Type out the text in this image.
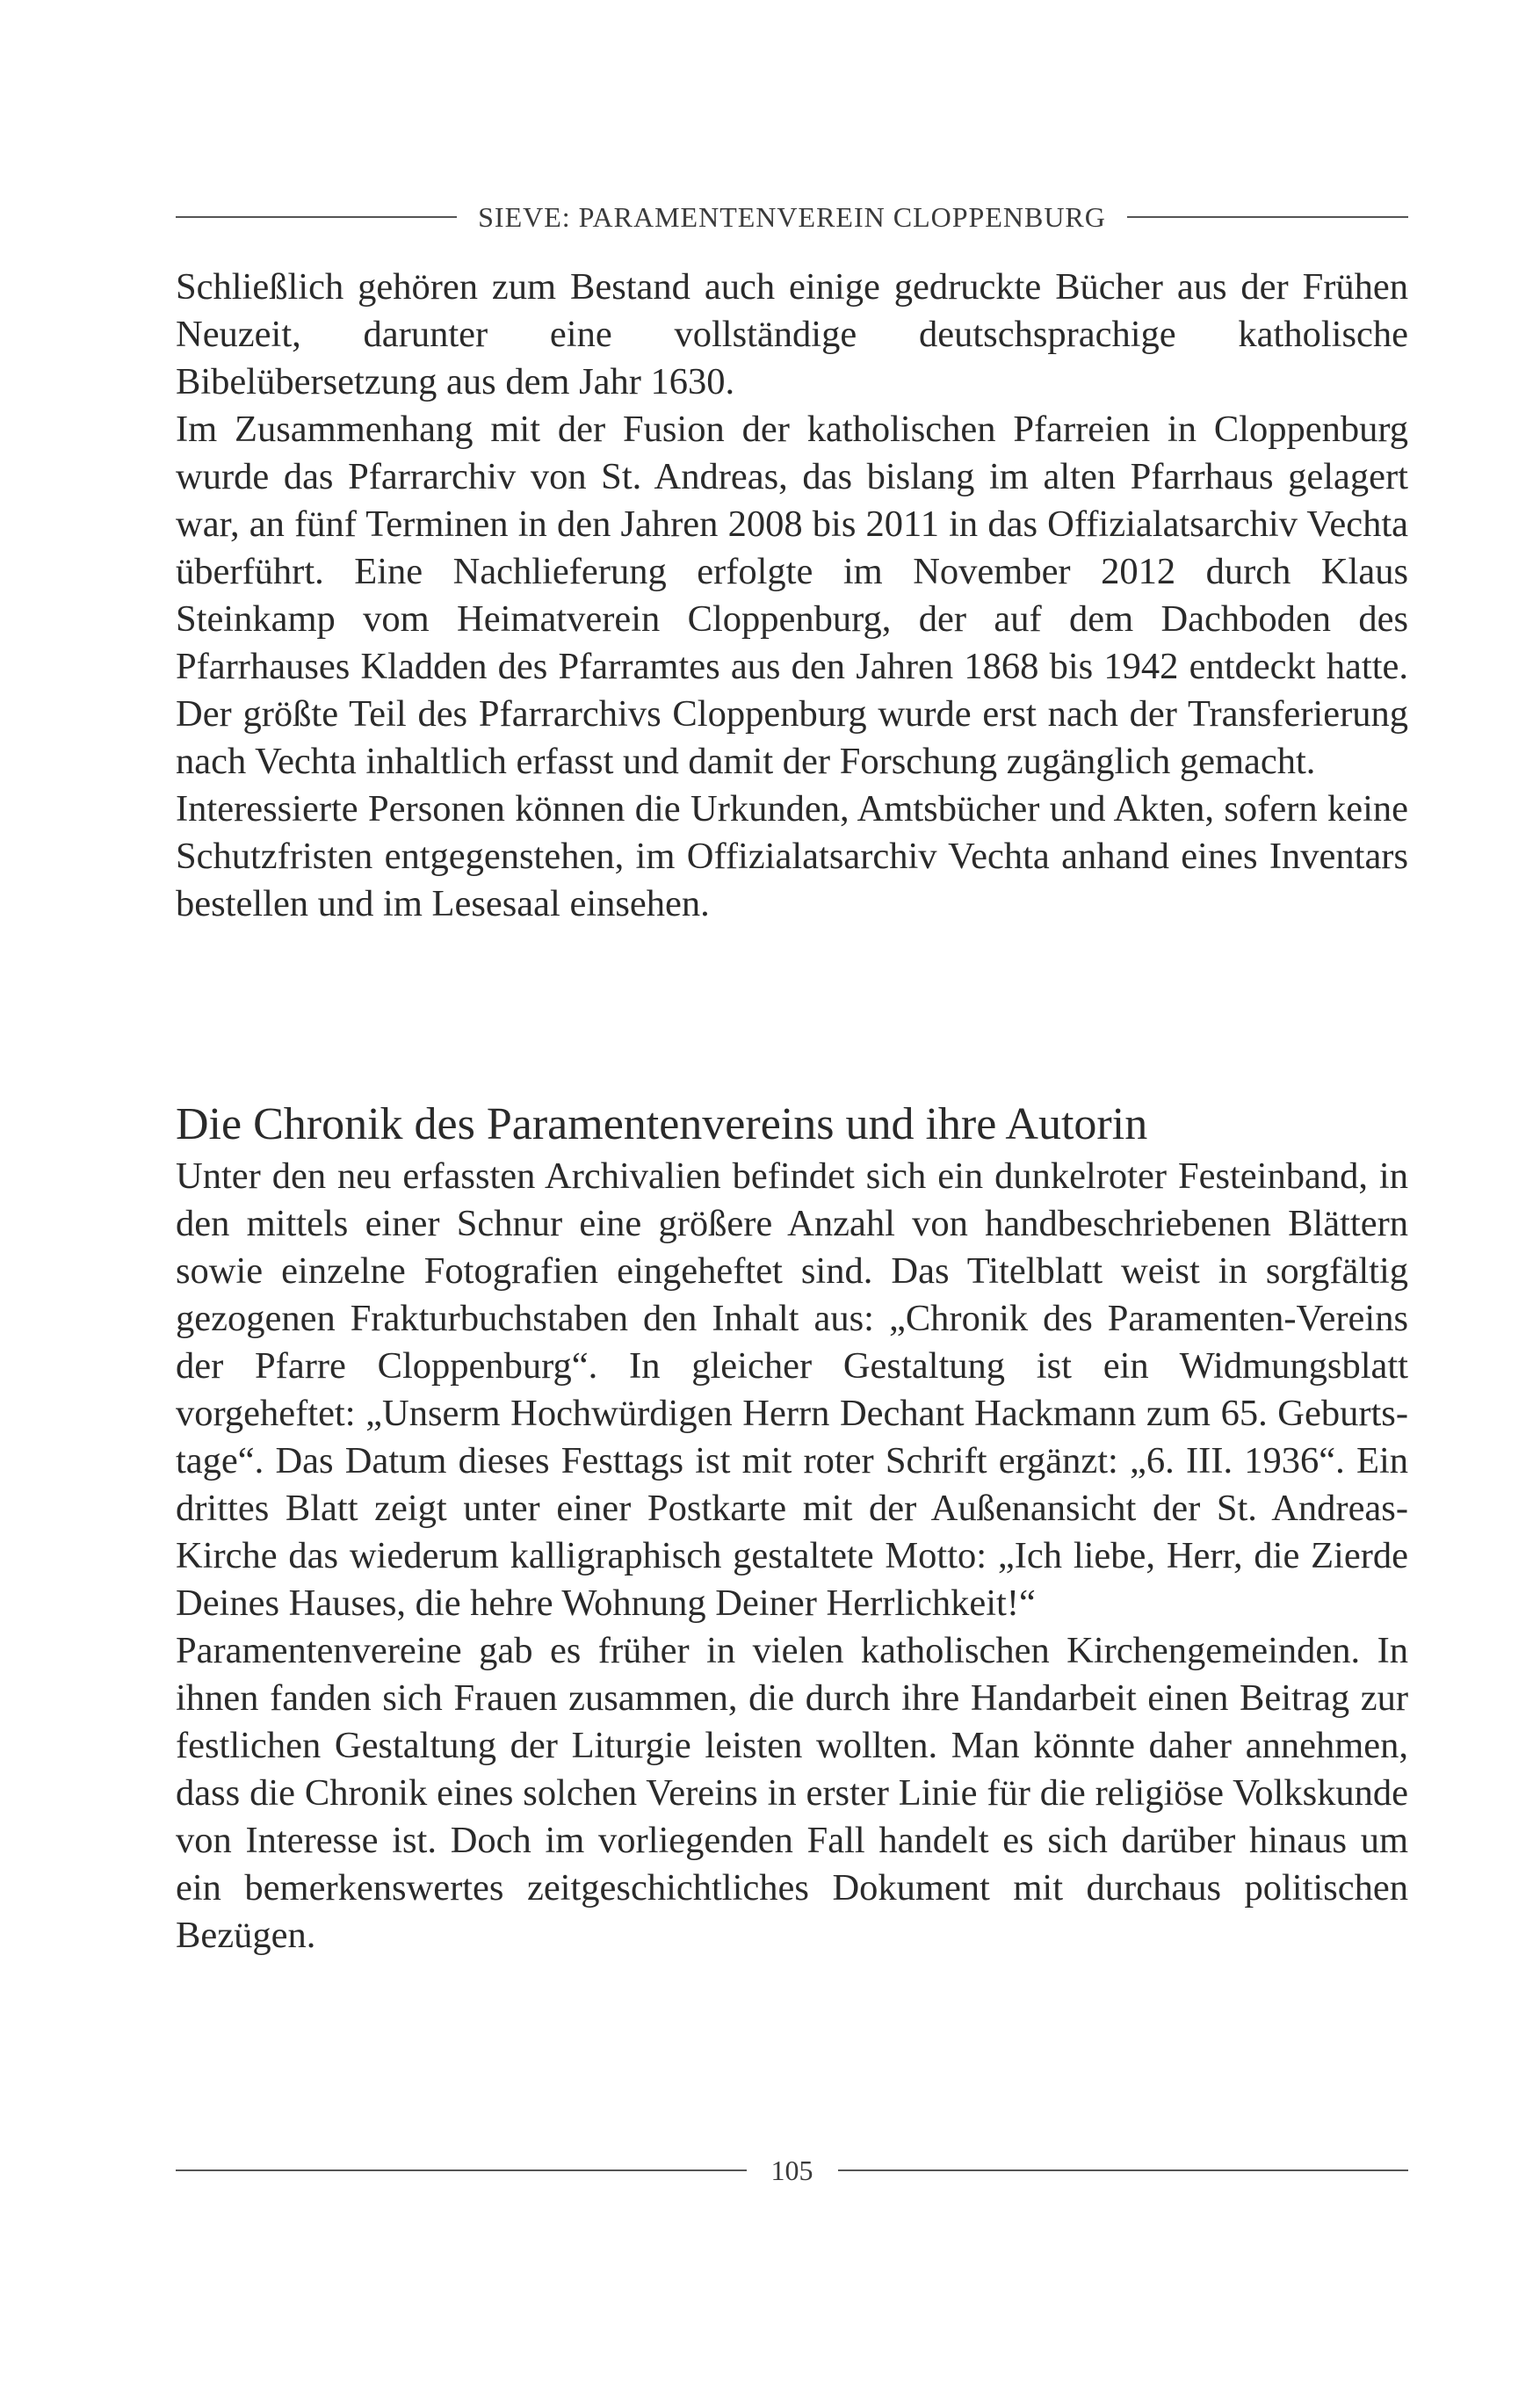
SIEVE: PARAMENTENVEREIN CLOPPENBURG

Schließlich gehören zum Bestand auch einige gedruckte Bücher aus der Frühen Neuzeit, darunter eine vollständige deutschsprachige katholische Bibelübersetzung aus dem Jahr 1630.

Im Zusammenhang mit der Fusion der katholischen Pfarreien in Cloppenburg wurde das Pfarrarchiv von St. Andreas, das bislang im alten Pfarrhaus gelagert war, an fünf Terminen in den Jahren 2008 bis 2011 in das Offizialatsarchiv Vechta überführt. Eine Nachlieferung erfolgte im November 2012 durch Klaus Steinkamp vom Heimatverein Cloppenburg, der auf dem Dachboden des Pfarrhauses Kladden des Pfarramtes aus den Jahren 1868 bis 1942 entdeckt hatte. Der größte Teil des Pfarrarchivs Cloppenburg wurde erst nach der Transferierung nach Vechta inhaltlich erfasst und damit der Forschung zugänglich gemacht.

Interessierte Personen können die Urkunden, Amtsbücher und Akten, sofern keine Schutzfristen entgegenstehen, im Offizialatsarchiv Vechta anhand eines Inventars bestellen und im Lesesaal einsehen.

Die Chronik des Paramentenvereins und ihre Autorin

Unter den neu erfassten Archivalien befindet sich ein dunkelroter Festeinband, in den mittels einer Schnur eine größere Anzahl von handbeschriebenen Blättern sowie einzelne Fotografien eingeheftet sind. Das Titelblatt weist in sorgfältig gezogenen Frakturbuchstaben den Inhalt aus: „Chronik des Paramenten-Vereins der Pfarre Cloppenburg“. In gleicher Gestaltung ist ein Widmungsblatt vorgeheftet: „Unserm Hochwürdigen Herrn Dechant Hackmann zum 65. Geburtstage“. Das Datum dieses Festtags ist mit roter Schrift ergänzt: „6. III. 1936“. Ein drittes Blatt zeigt unter einer Postkarte mit der Außenansicht der St. Andreas-Kirche das wiederum kalligraphisch gestaltete Motto: „Ich liebe, Herr, die Zierde Deines Hauses, die hehre Wohnung Deiner Herrlichkeit!“

Paramentenvereine gab es früher in vielen katholischen Kirchengemeinden. In ihnen fanden sich Frauen zusammen, die durch ihre Handarbeit einen Beitrag zur festlichen Gestaltung der Liturgie leisten wollten. Man könnte daher annehmen, dass die Chronik eines solchen Vereins in erster Linie für die religiöse Volkskunde von Interesse ist. Doch im vorliegenden Fall handelt es sich darüber hinaus um ein bemerkenswertes zeitgeschichtliches Dokument mit durchaus politischen Bezügen.

105
